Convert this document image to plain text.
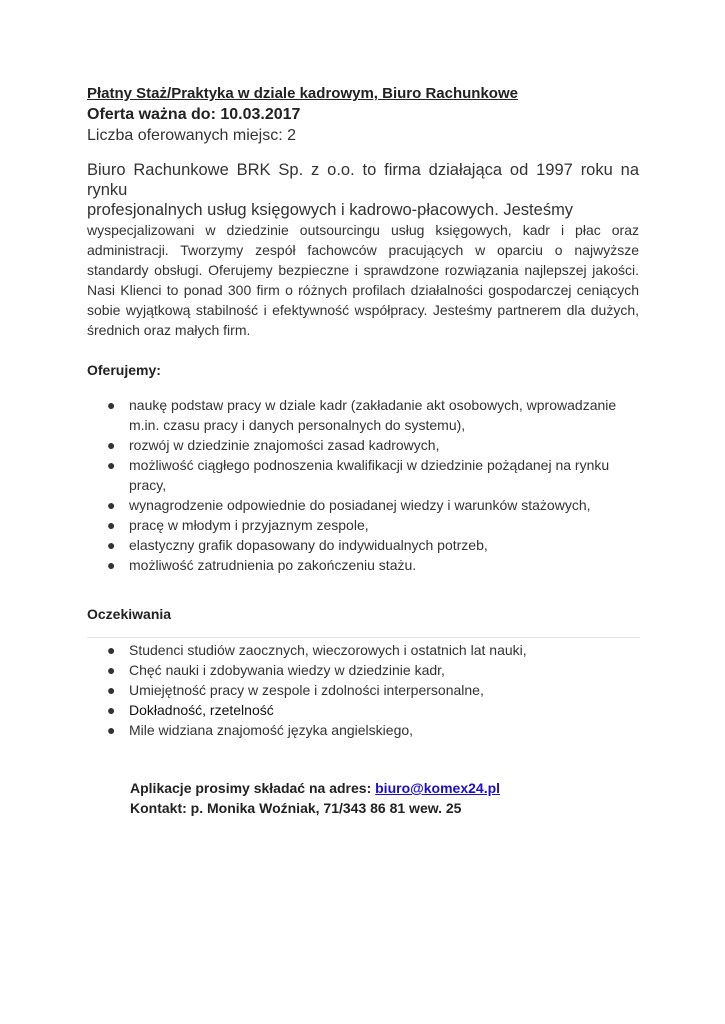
Płatny Staż/Praktyka w dziale kadrowym, Biuro Rachunkowe
Oferta ważna do: 10.03.2017
Liczba oferowanych miejsc: 2
Biuro Rachunkowe BRK Sp. z o.o. to firma działająca od 1997 roku na rynku
profesjonalnych usług księgowych i kadrowo-płacowych. Jesteśmy
wyspecjalizowani w dziedzinie outsourcingu usług księgowych, kadr i płac oraz administracji. Tworzymy zespół fachowców pracujących w oparciu o najwyższe standardy obsługi. Oferujemy bezpieczne i sprawdzone rozwiązania najlepszej jakości. Nasi Klienci to ponad 300 firm o różnych profilach działalności gospodarczej ceniących sobie wyjątkową stabilność i efektywność współpracy. Jesteśmy partnerem dla dużych, średnich oraz małych firm.
Oferujemy:
● naukę podstaw pracy w dziale kadr (zakładanie akt osobowych, wprowadzanie m.in. czasu pracy i danych personalnych do systemu),
● rozwój w dziedzinie znajomości zasad kadrowych,
● możliwość ciągłego podnoszenia kwalifikacji w dziedzinie pożądanej na rynku pracy,
● wynagrodzenie odpowiednie do posiadanej wiedzy i warunków stażowych,
● pracę w młodym i przyjaznym zespole,
● elastyczny grafik dopasowany do indywidualnych potrzeb,
● możliwość zatrudnienia po zakończeniu stażu.
Oczekiwania
● Studenci studiów zaocznych, wieczorowych i ostatnich lat nauki,
● Chęć nauki i zdobywania wiedzy w dziedzinie kadr,
● Umiejętność pracy w zespole i zdolności interpersonalne,
● Dokładność, rzetelność
● Mile widziana znajomość języka angielskiego,
Aplikacje prosimy składać na adres: biuro@komex24.pl
Kontakt: p. Monika Woźniak, 71/343 86 81 wew. 25
